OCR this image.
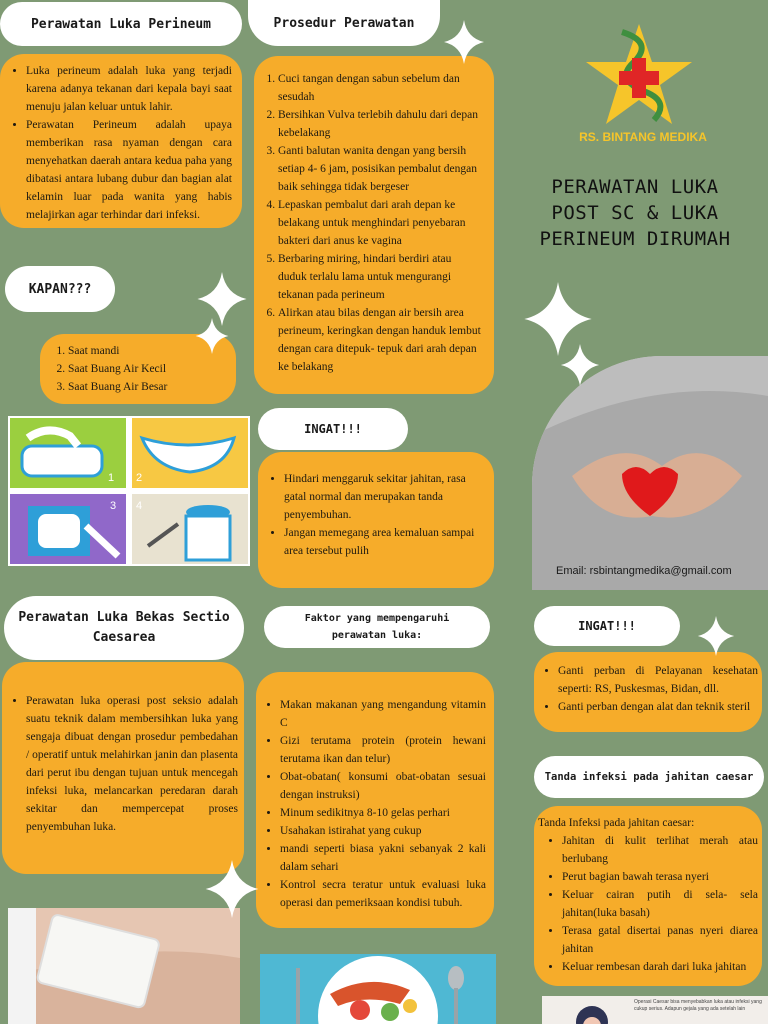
Perawatan Luka Perineum
• Luka perineum adalah luka yang terjadi karena adanya tekanan dari kepala bayi saat menuju jalan keluar untuk lahir.
• Perawatan Perineum adalah upaya memberikan rasa nyaman dengan cara menyehatkan daerah antara kedua paha yang dibatasi antara lubang dubur dan bagian alat kelamin luar pada wanita yang habis melajirkan agar terhindar dari infeksi.
KAPAN???
1. Saat mandi
2. Saat Buang Air Kecil
3. Saat Buang Air Besar
1 2
3 4
Perawatan Luka Bekas Sectio Caesarea
• Perawatan luka operasi post seksio adalah suatu teknik dalam membersihkan luka yang sengaja dibuat dengan prosedur pembedahan / operatif untuk melahirkan janin dan plasenta dari perut ibu dengan tujuan untuk mencegah infeksi luka, melancarkan peredaran darah sekitar dan mempercepat proses penyembuhan luka.
Prosedur Perawatan
1. Cuci tangan dengan sabun sebelum dan sesudah
2. Bersihkan Vulva terlebih dahulu dari depan kebelakang
3. Ganti balutan wanita dengan yang bersih setiap 4- 6 jam, posisikan pembalut dengan baik sehingga tidak bergeser
4. Lepaskan pembalut dari arah depan ke belakang untuk menghindari penyebaran bakteri dari anus ke vagina
5. Berbaring miring, hindari berdiri atau duduk terlalu lama untuk mengurangi tekanan pada perineum
6. Alirkan atau bilas dengan air bersih area perineum, keringkan dengan handuk lembut dengan cara ditepuk- tepuk dari arah depan ke belakang
INGAT!!!
• Hindari menggaruk sekitar jahitan, rasa gatal normal dan merupakan tanda penyembuhan.
• Jangan memegang area kemaluan sampai area tersebut pulih
Faktor yang mempengaruhi perawatan luka:
• Makan makanan yang mengandung vitamin C
• Gizi terutama protein (protein hewani terutama ikan dan telur)
• Obat-obatan( konsumi obat-obatan sesuai dengan instruksi)
• Minum sedikitnya 8-10 gelas perhari
• Usahakan istirahat yang cukup
• mandi seperti biasa yakni sebanyak 2 kali dalam sehari
• Kontrol secra teratur untuk evaluasi luka operasi dan pemeriksaan kondisi tubuh.
RS. BINTANG MEDIKA
PERAWATAN LUKA POST SC & LUKA PERINEUM DIRUMAH
Email: rsbintangmedika@gmail.com
INGAT!!!
• Ganti perban di Pelayanan kesehatan seperti: RS, Puskesmas, Bidan, dll.
• Ganti perban dengan alat dan teknik steril
Tanda infeksi pada jahitan caesar
Tanda Infeksi pada jahitan caesar:
• Jahitan di kulit terlihat merah atau berlubang
• Perut bagian bawah terasa nyeri
• Keluar cairan putih di sela- sela jahitan(luka basah)
• Terasa gatal disertai panas nyeri diarea jahitan
• Keluar rembesan darah dari luka jahitan
Operasi Caesar bisa menyebabkan luka atau infeksi yang cukup serius. Adapun gejala yang ada setelah lain
